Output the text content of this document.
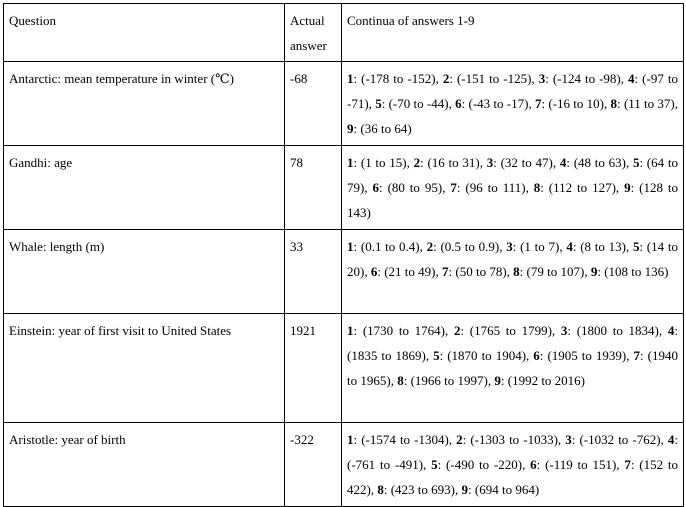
Question	Actual answer	Continua of answers 1-9
Antarctic: mean temperature in winter (℃)	-68	1: (-178 to -152), 2: (-151 to -125), 3: (-124 to -98), 4: (-97 to -71), 5: (-70 to -44), 6: (-43 to -17), 7: (-16 to 10), 8: (11 to 37), 9: (36 to 64)
Gandhi: age	78	1: (1 to 15), 2: (16 to 31), 3: (32 to 47), 4: (48 to 63), 5: (64 to 79), 6: (80 to 95), 7: (96 to 111), 8: (112 to 127), 9: (128 to 143)
Whale: length (m)	33	1: (0.1 to 0.4), 2: (0.5 to 0.9), 3: (1 to 7), 4: (8 to 13), 5: (14 to 20), 6: (21 to 49), 7: (50 to 78), 8: (79 to 107), 9: (108 to 136)
Einstein: year of first visit to United States	1921	1: (1730 to 1764), 2: (1765 to 1799), 3: (1800 to 1834), 4: (1835 to 1869), 5: (1870 to 1904), 6: (1905 to 1939), 7: (1940 to 1965), 8: (1966 to 1997), 9: (1992 to 2016)
Aristotle: year of birth	-322	1: (-1574 to -1304), 2: (-1303 to -1033), 3: (-1032 to -762), 4: (-761 to -491), 5: (-490 to -220), 6: (-119 to 151), 7: (152 to 422), 8: (423 to 693), 9: (694 to 964)
